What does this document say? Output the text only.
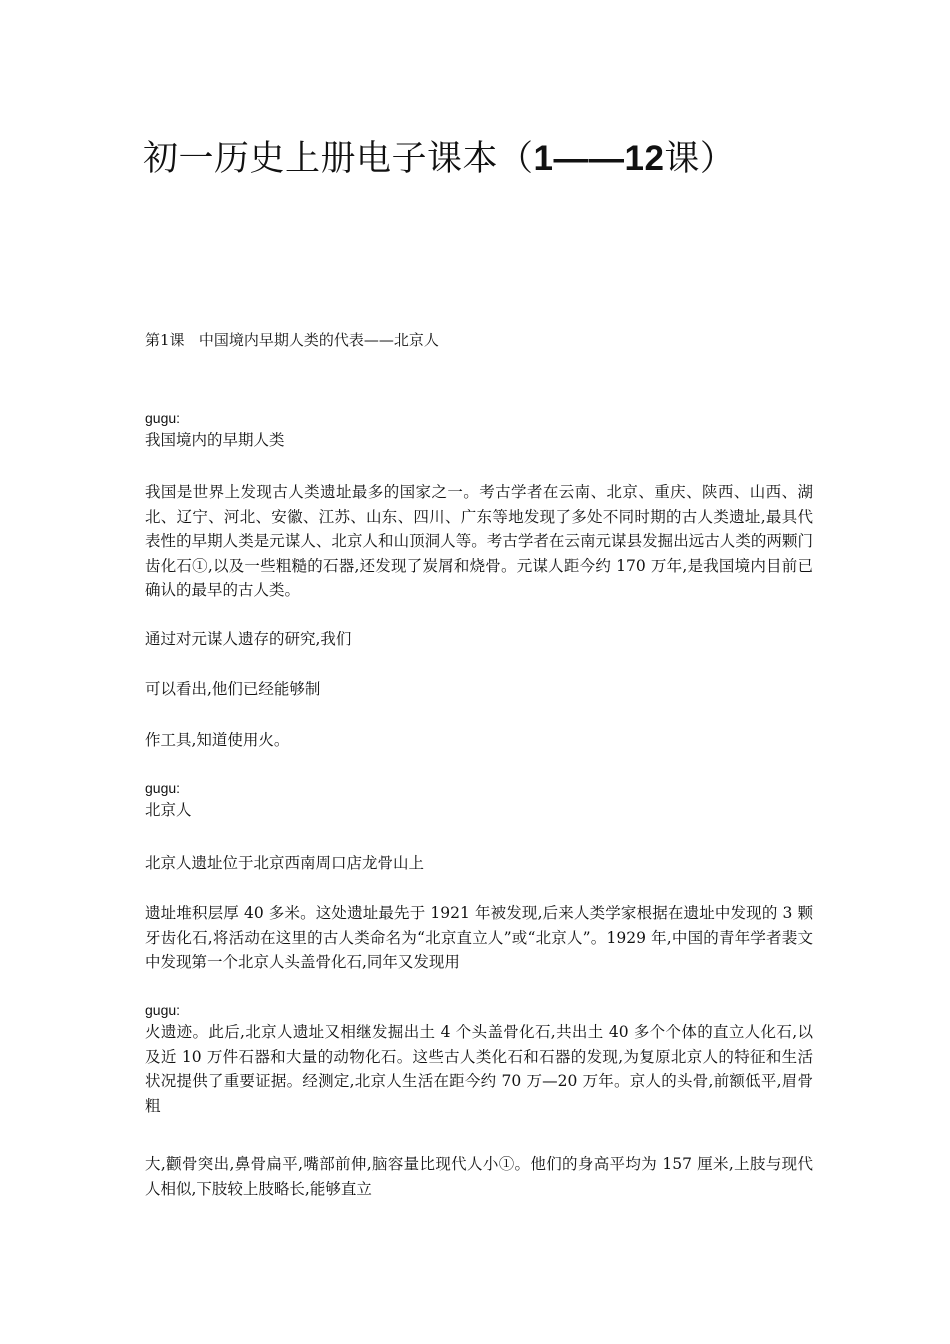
初一历史上册电子课本（1——12课）
第1课   中国境内早期人类的代表——北京人
gugu:
我国境内的早期人类

我国是世界上发现古人类遗址最多的国家之一。考古学者在云南、北京、重庆、陕西、山西、湖北、辽宁、河北、安徽、江苏、山东、四川、广东等地发现了多处不同时期的古人类遗址,最具代表性的早期人类是元谋人、北京人和山顶洞人等。考古学者在云南元谋县发掘出远古人类的两颗门齿化石①,以及一些粗糙的石器,还发现了炭屑和烧骨。元谋人距今约 170 万年,是我国境内目前已确认的最早的古人类。

通过对元谋人遗存的研究,我们

可以看出,他们已经能够制

作工具,知道使用火。

gugu:
北京人

北京人遗址位于北京西南周口店龙骨山上

遗址堆积层厚 40 多米。这处遗址最先于 1921 年被发现,后来人类学家根据在遗址中发现的 3 颗牙齿化石,将活动在这里的古人类命名为“北京直立人”或“北京人”。1929 年,中国的青年学者裴文中发现第一个北京人头盖骨化石,同年又发现用

gugu:
火遗迹。此后,北京人遗址又相继发掘出土 4 个头盖骨化石,共出土 40 多个个体的直立人化石,以及近 10 万件石器和大量的动物化石。这些古人类化石和石器的发现,为复原北京人的特征和生活状况提供了重要证据。经测定,北京人生活在距今约 70 万—20 万年。京人的头骨,前额低平,眉骨粗

大,颧骨突出,鼻骨扁平,嘴部前伸,脑容量比现代人小①。他们的身高平均为 157 厘米,上肢与现代人相似,下肢较上肢略长,能够直立
